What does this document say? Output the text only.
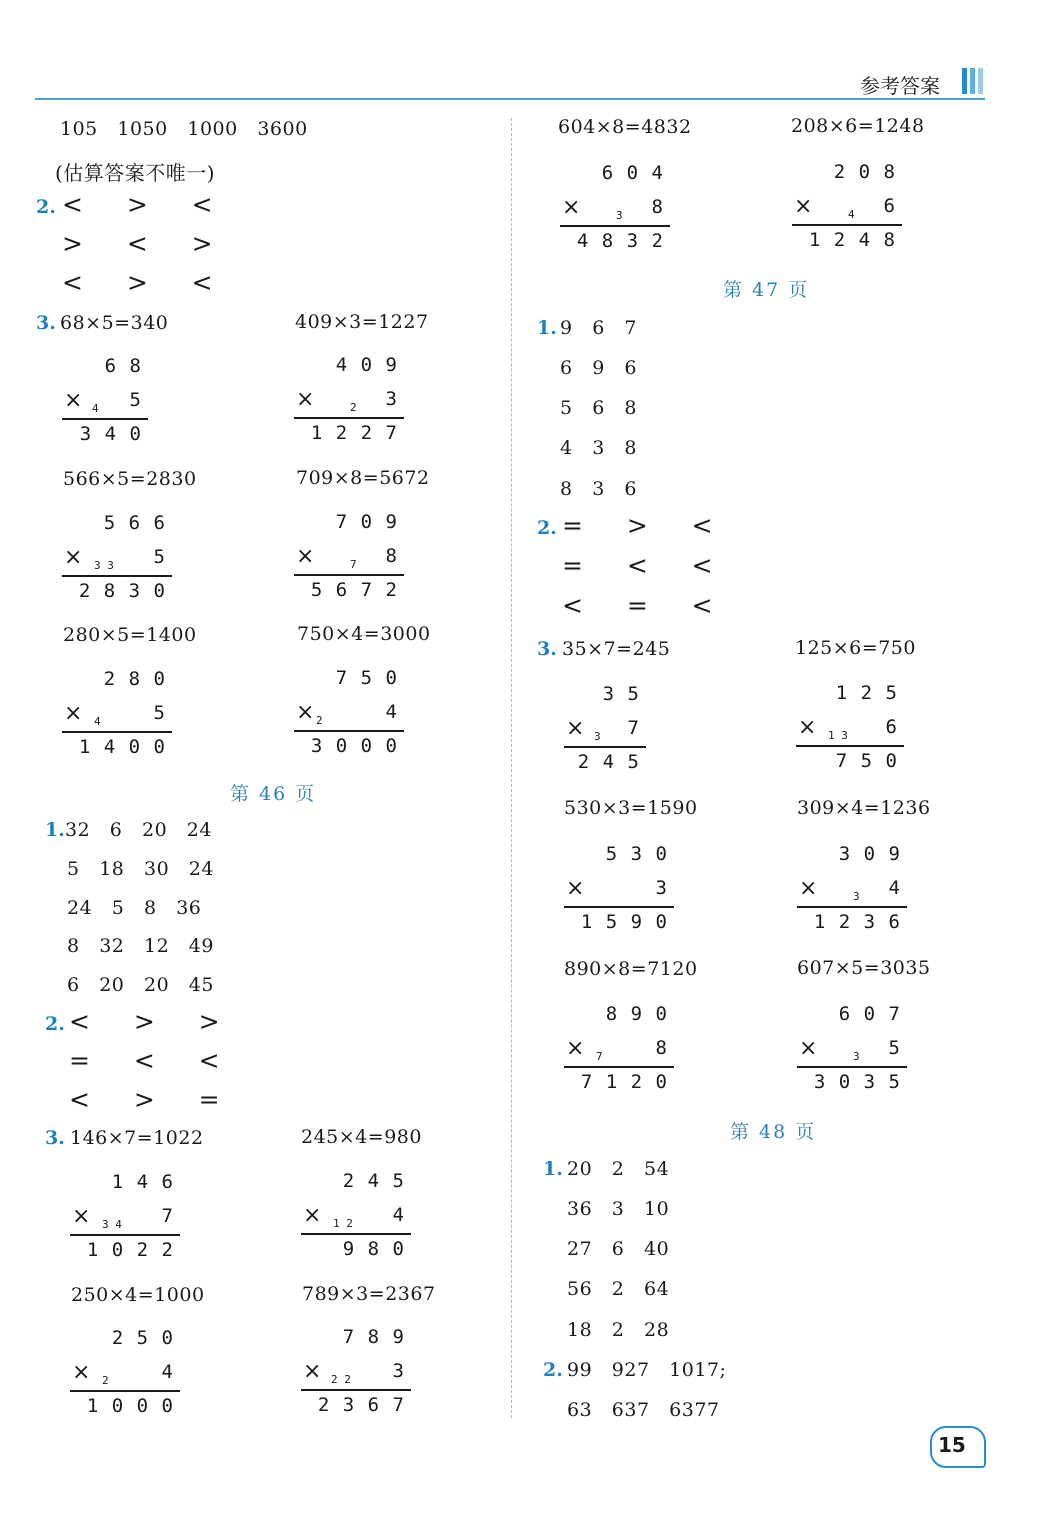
参考答案
105   1050   1000   3600
(估算答案不唯一)
2. <  >  <
>  <  >
<  >  <
3. 68×5=340	409×3=1227
× 4
6 8
5
3 4 0
×	2
4 0 9
3
1 2 2 7
566×5=2830	709×8=5672
× 3 3
5 6 6
5
2 8 3 0
×	7
7 0 9
8
5 6 7 2
280×5=1400	750×4=3000
× 4
2 8 0
5
1 4 0 0
× 2
7 5 0
4
3 0 0 0
第 46 页
1. 32   6   20   24
5   18   30   24
24   5   8   36
8   32   12   49
6   20   20   45
2. <  >  >
=  <  <
<  >  =
3. 146×7=1022	245×4=980
× 3 4
1 4 6
7
1 0 2 2
× 1 2
2 4 5
4
9 8 0
250×4=1000	789×3=2367
× 2
2 5 0
4
1 0 0 0
× 2 2
7 8 9
3
2 3 6 7
604×8=4832	208×6=1248
×	3
6 0 4
8
4 8 3 2
×	4
2 0 8
6
1 2 4 8
第 47 页
1. 9   6   7
6   9   6
5   6   8
4   3   8
8   3   6
2. =  >  <
=  <  <
<  =  <
3. 35×7=245	125×6=750
× 3
3 5
7
2 4 5
× 1 3
1 2 5
6
7 5 0
530×3=1590	309×4=1236
×
5 3 0
3
1 5 9 0
×	3
3 0 9
4
1 2 3 6
890×8=7120	607×5=3035
× 7
8 9 0
8
7 1 2 0
×	3
6 0 7
5
3 0 3 5
第 48 页
1. 20   2   54
36   3   10
27   6   40
56   2   64
18   2   28
2. 99   927   1017;
63   637   6377
15
